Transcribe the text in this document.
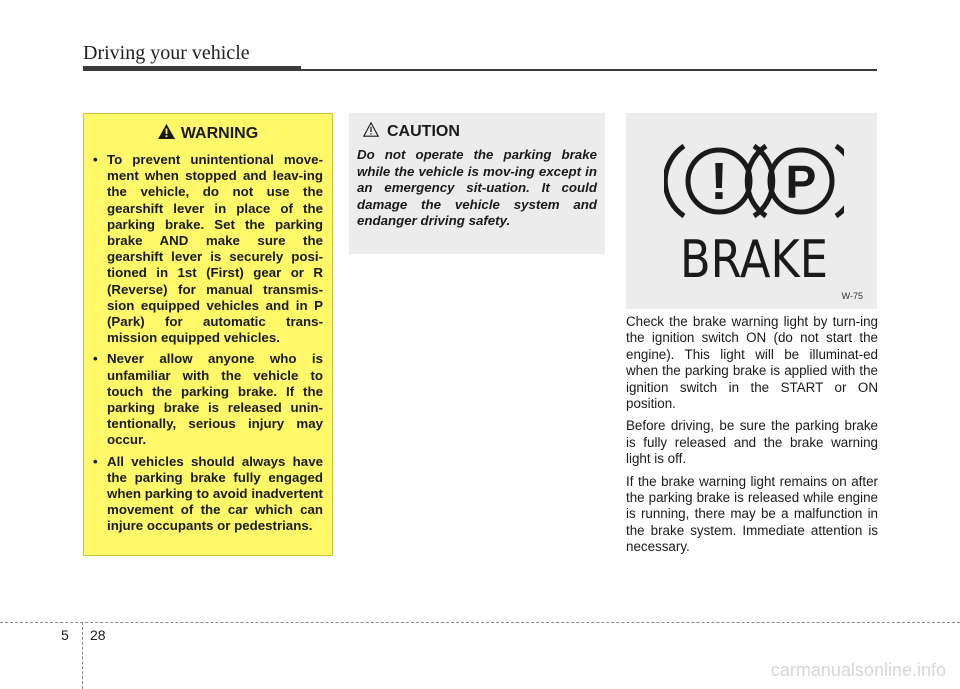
Driving your vehicle
WARNING
• To prevent unintentional move-ment when stopped and leav-ing the vehicle, do not use the gearshift lever in place of the parking brake. Set the parking brake AND make sure the gearshift lever is securely posi-tioned in 1st (First) gear or R (Reverse) for manual transmis-sion equipped vehicles and in P (Park) for automatic trans-mission equipped vehicles.
• Never allow anyone who is unfamiliar with the vehicle to touch the parking brake. If the parking brake is released unin-tentionally, serious injury may occur.
• All vehicles should always have the parking brake fully engaged when parking to avoid inadvertent movement of the car which can injure occupants or pedestrians.
CAUTION

Do not operate the parking brake while the vehicle is mov-ing except in an emergency sit-uation. It could damage the vehicle system and endanger driving safety.

! P
BRAKE
W-75

Check the brake warning light by turn-ing the ignition switch ON (do not start the engine). This light will be illuminat-ed when the parking brake is applied with the ignition switch in the START or ON position.

Before driving, be sure the parking brake is fully released and the brake warning light is off.

If the brake warning light remains on after the parking brake is released while engine is running, there may be a malfunction in the brake system. Immediate attention is necessary.

5 28
carmanualsonline.info
